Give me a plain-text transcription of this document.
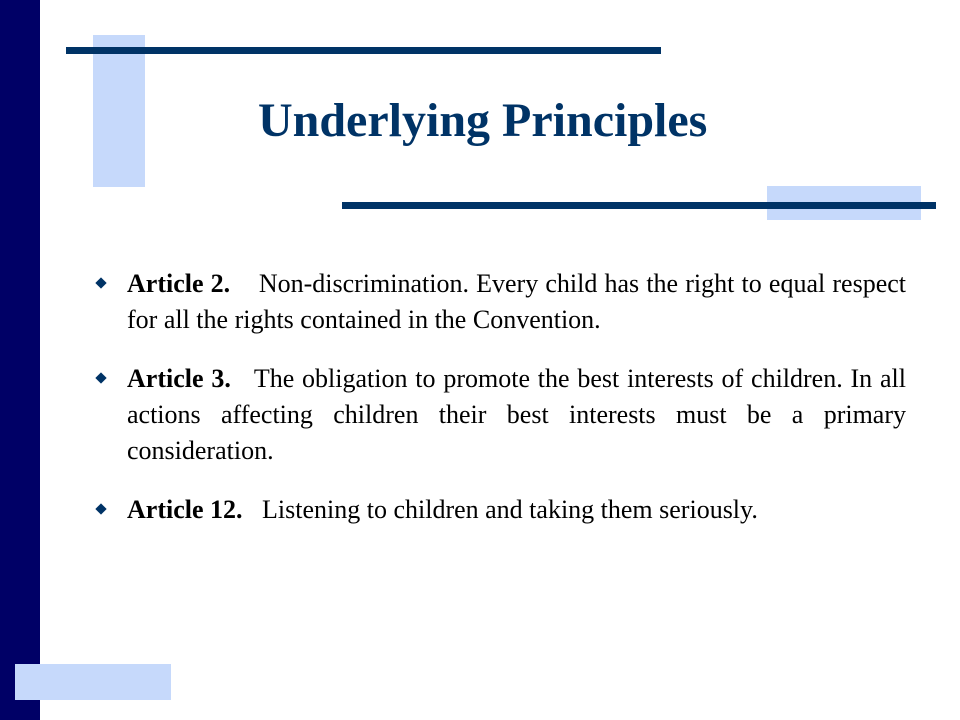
Underlying Principles
Article 2. Non-discrimination. Every child has the right to equal respect for all the rights contained in the Convention.
Article 3. The obligation to promote the best interests of children. In all actions affecting children their best interests must be a primary consideration.
Article 12. Listening to children and taking them seriously.
